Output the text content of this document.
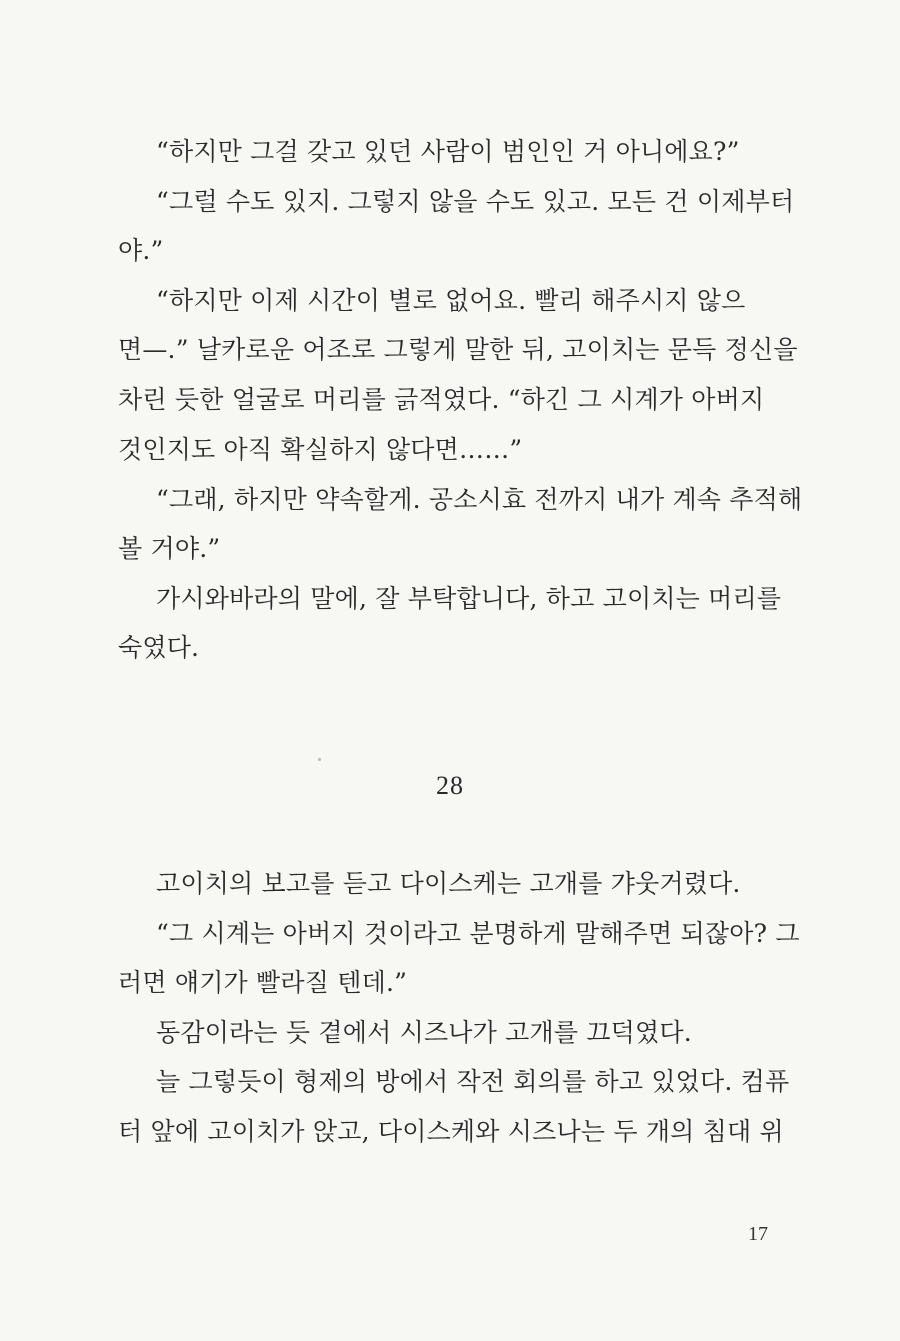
“하지만 그걸 갖고 있던 사람이 범인인 거 아니에요?”
“그럴 수도 있지. 그렇지 않을 수도 있고. 모든 건 이제부터
야.”
“하지만 이제 시간이 별로 없어요. 빨리 해주시지 않으
면—.” 날카로운 어조로 그렇게 말한 뒤, 고이치는 문득 정신을
차린 듯한 얼굴로 머리를 긁적였다. “하긴 그 시계가 아버지
것인지도 아직 확실하지 않다면……”
“그래, 하지만 약속할게. 공소시효 전까지 내가 계속 추적해
볼 거야.”
가시와바라의 말에, 잘 부탁합니다, 하고 고이치는 머리를
숙였다.
28
고이치의 보고를 듣고 다이스케는 고개를 갸웃거렸다.
“그 시계는 아버지 것이라고 분명하게 말해주면 되잖아? 그
러면 얘기가 빨라질 텐데.”
동감이라는 듯 곁에서 시즈나가 고개를 끄덕였다.
늘 그렇듯이 형제의 방에서 작전 회의를 하고 있었다. 컴퓨
터 앞에 고이치가 앉고, 다이스케와 시즈나는 두 개의 침대 위
17
